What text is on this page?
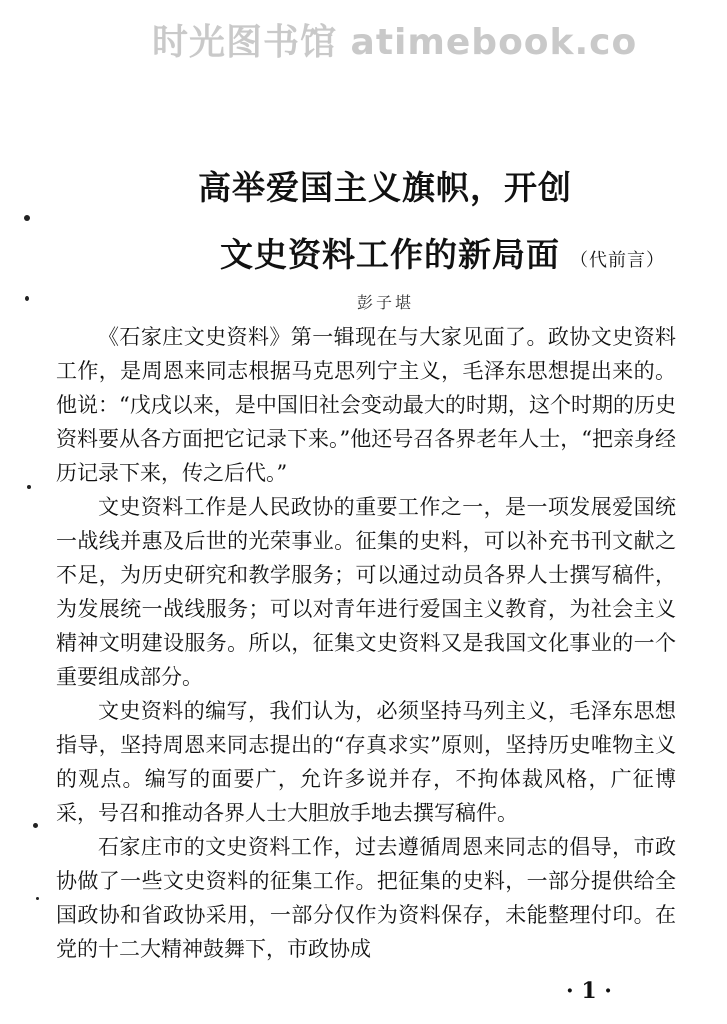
时光图书馆 atimebook.co
高举爱国主义旗帜，开创
文史资料工作的新局面 （代前言）
彭子堪

《石家庄文史资料》第一辑现在与大家见面了。政协文史资料工作，是周恩来同志根据马克思列宁主义，毛泽东思想提出来的。他说：“戊戌以来，是中国旧社会变动最大的时期，这个时期的历史资料要从各方面把它记录下来。”他还号召各界老年人士，“把亲身经历记录下来，传之后代。”

文史资料工作是人民政协的重要工作之一，是一项发展爱国统一战线并惠及后世的光荣事业。征集的史料，可以补充书刊文献之不足，为历史研究和教学服务；可以通过动员各界人士撰写稿件，为发展统一战线服务；可以对青年进行爱国主义教育，为社会主义精神文明建设服务。所以，征集文史资料又是我国文化事业的一个重要组成部分。

文史资料的编写，我们认为，必须坚持马列主义，毛泽东思想指导，坚持周恩来同志提出的“存真求实”原则，坚持历史唯物主义的观点。编写的面要广，允许多说并存，不拘体裁风格，广征博采，号召和推动各界人士大胆放手地去撰写稿件。

石家庄市的文史资料工作，过去遵循周恩来同志的倡导，市政协做了一些文史资料的征集工作。把征集的史料，一部分提供给全国政协和省政协采用，一部分仅作为资料保存，未能整理付印。在党的十二大精神鼓舞下，市政协成

· 1 ·
